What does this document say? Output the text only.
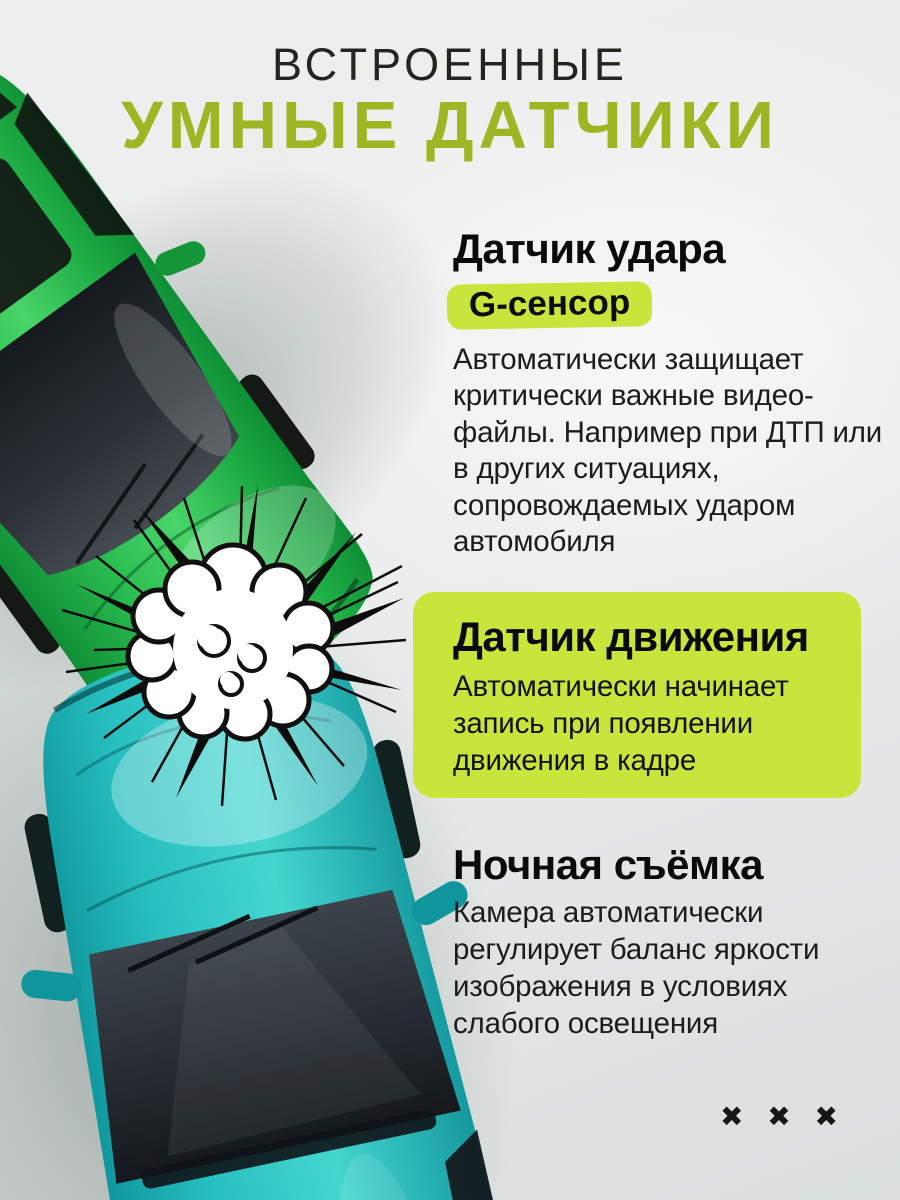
ВСТРОЕННЫЕ

УМНЫЕ ДАТЧИКИ

Датчик удара
G-сенсор

Автоматически защищает критически важные видео-файлы. Например при ДТП или в других ситуациях, сопровождаемых ударом автомобиля

Датчик движения

Автоматически начинает запись при появлении движения в кадре

Ночная съёмка

Камера автоматически регулирует баланс яркости изображения в условиях слабого освещения

✖ ✖ ✖
